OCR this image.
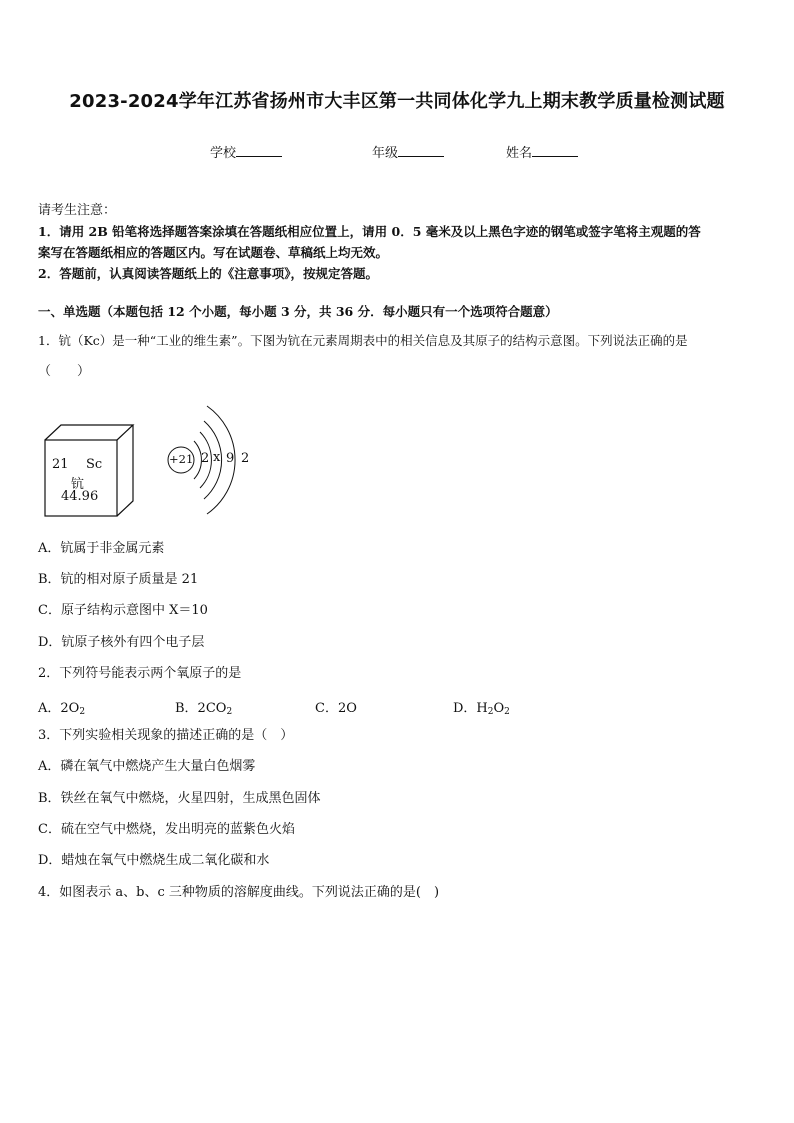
2023-2024学年江苏省扬州市大丰区第一共同体化学九上期末教学质量检测试题
学校	年级	姓名
请考生注意：
1．请用 2B 铅笔将选择题答案涂填在答题纸相应位置上，请用 0．5 毫米及以上黑色字迹的钢笔或签字笔将主观题的答
案写在答题纸相应的答题区内。写在试题卷、草稿纸上均无效。
2．答题前，认真阅读答题纸上的《注意事项》，按规定答题。
一、单选题（本题包括 12 个小题，每小题 3 分，共 36 分．每小题只有一个选项符合题意）
1．钪（Kc）是一种“工业的维生素”。下图为钪在元素周期表中的相关信息及其原子的结构示意图。下列说法正确的是
（　　）
21 Sc
钪
44.96
+21 2 x 9 2
A．钪属于非金属元素
B．钪的相对原子质量是 21
C．原子结构示意图中 X＝10
D．钪原子核外有四个电子层
2．下列符号能表示两个氧原子的是
A．$2O_2$	B．$2CO_2$	C．2O	D．$H_2O_2$
3．下列实验相关现象的描述正确的是（　）
A．磷在氧气中燃烧产生大量白色烟雾
B．铁丝在氧气中燃烧，火星四射，生成黑色固体
C．硫在空气中燃烧，发出明亮的蓝紫色火焰
D．蜡烛在氧气中燃烧生成二氧化碳和水
4．如图表示 a、b、c 三种物质的溶解度曲线。下列说法正确的是(　)
